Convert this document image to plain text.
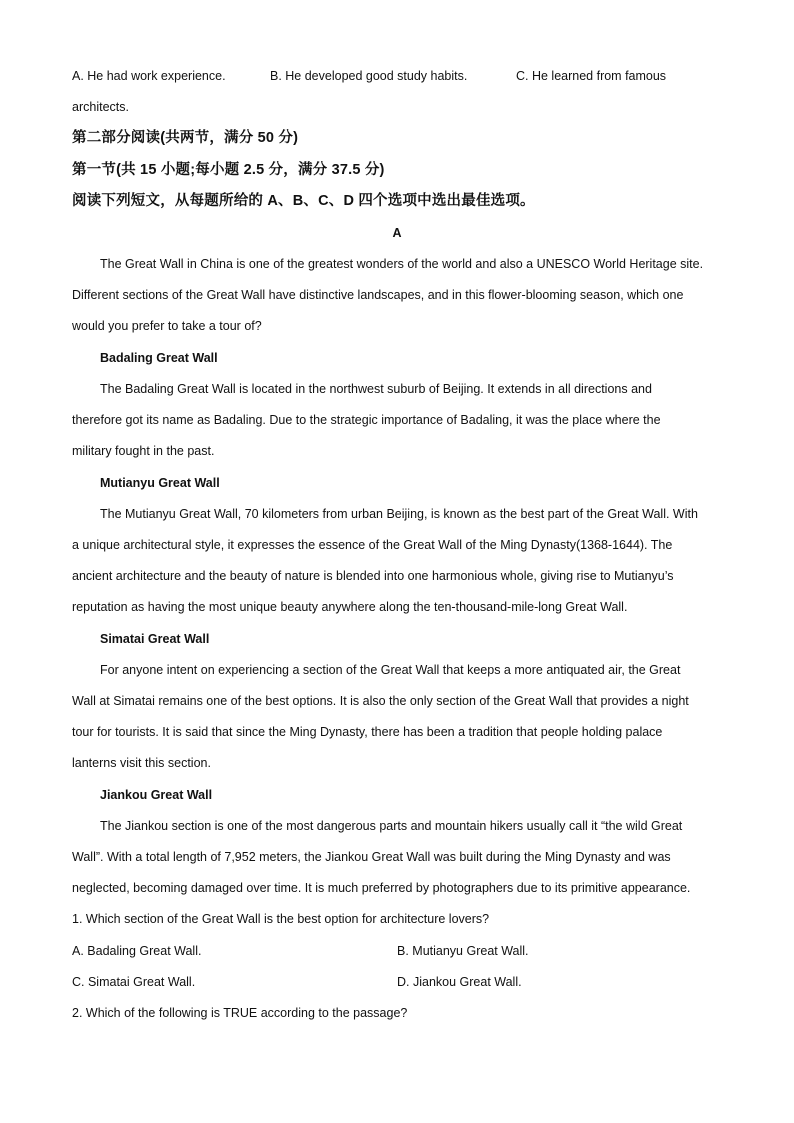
A. He had work experience.	B. He developed good study habits.	C. He learned from famous
architects.
第二部分阅读(共两节，满分 50 分)
第一节(共 15 小题;每小题 2.5 分，满分 37.5 分)
阅读下列短文，从每题所给的 A、B、C、D 四个选项中选出最佳选项。
A
The Great Wall in China is one of the greatest wonders of the world and also a UNESCO World Heritage site.
Different sections of the Great Wall have distinctive landscapes, and in this flower-blooming season, which one
would you prefer to take a tour of?
Badaling Great Wall
The Badaling Great Wall is located in the northwest suburb of Beijing. It extends in all directions and
therefore got its name as Badaling. Due to the strategic importance of Badaling, it was the place where the
military fought in the past.
Mutianyu Great Wall
The Mutianyu Great Wall, 70 kilometers from urban Beijing, is known as the best part of the Great Wall. With
a unique architectural style, it expresses the essence of the Great Wall of the Ming Dynasty(1368-1644). The
ancient architecture and the beauty of nature is blended into one harmonious whole, giving rise to Mutianyu’s
reputation as having the most unique beauty anywhere along the ten-thousand-mile-long Great Wall.
Simatai Great Wall
For anyone intent on experiencing a section of the Great Wall that keeps a more antiquated air, the Great
Wall at Simatai remains one of the best options. It is also the only section of the Great Wall that provides a night
tour for tourists. It is said that since the Ming Dynasty, there has been a tradition that people holding palace
lanterns visit this section.
Jiankou Great Wall
The Jiankou section is one of the most dangerous parts and mountain hikers usually call it “the wild Great
Wall”. With a total length of 7,952 meters, the Jiankou Great Wall was built during the Ming Dynasty and was
neglected, becoming damaged over time. It is much preferred by photographers due to its primitive appearance.
1. Which section of the Great Wall is the best option for architecture lovers?
A. Badaling Great Wall.	B. Mutianyu Great Wall.
C. Simatai Great Wall.	D. Jiankou Great Wall.
2. Which of the following is TRUE according to the passage?
